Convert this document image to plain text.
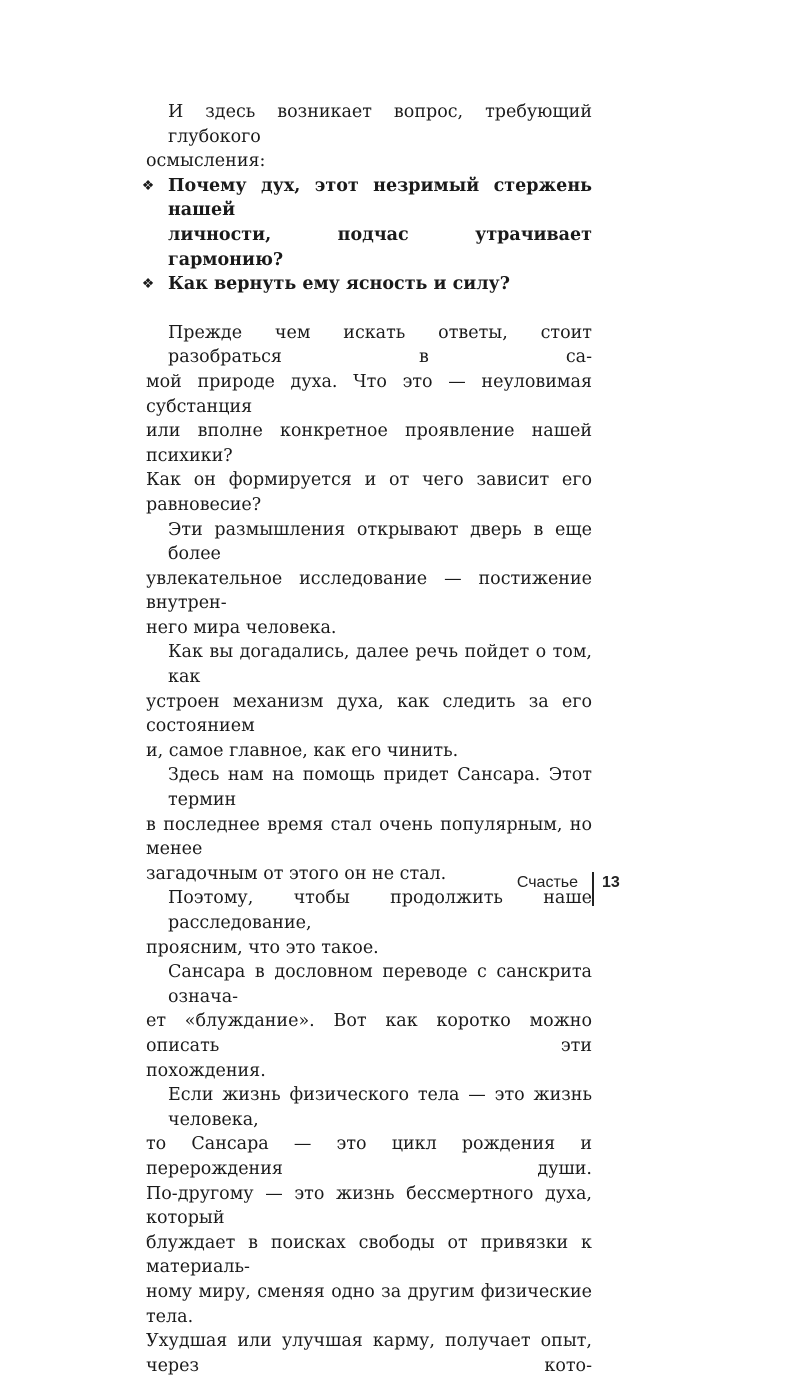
И здесь возникает вопрос, требующий глубокого
осмысления:

❖ Почему дух, этот незримый стержень нашей
личности, подчас утрачивает гармонию?
❖ Как вернуть ему ясность и силу?

Прежде чем искать ответы, стоит разобраться в са-
мой природе духа. Что это — неуловимая субстанция
или вполне конкретное проявление нашей психики?
Как он формируется и от чего зависит его равновесие?

Эти размышления открывают дверь в еще более
увлекательное исследование — постижение внутрен-
него мира человека.

Как вы догадались, далее речь пойдет о том, как
устроен механизм духа, как следить за его состоянием
и, самое главное, как его чинить.

Здесь нам на помощь придет Сансара. Этот термин
в последнее время стал очень популярным, но менее
загадочным от этого он не стал.

Поэтому, чтобы продолжить наше расследование,
проясним, что это такое.

Сансара в дословном переводе с санскрита означа-
ет «блуждание». Вот как коротко можно описать эти
похождения.

Если жизнь физического тела — это жизнь человека,
то Сансара — это цикл рождения и перерождения души.
По-другому — это жизнь бессмертного духа, который
блуждает в поисках свободы от привязки к материаль-
ному миру, сменяя одно за другим физические тела.
Ухудшая или улучшая карму, получает опыт, через кото-

Счастье 13
